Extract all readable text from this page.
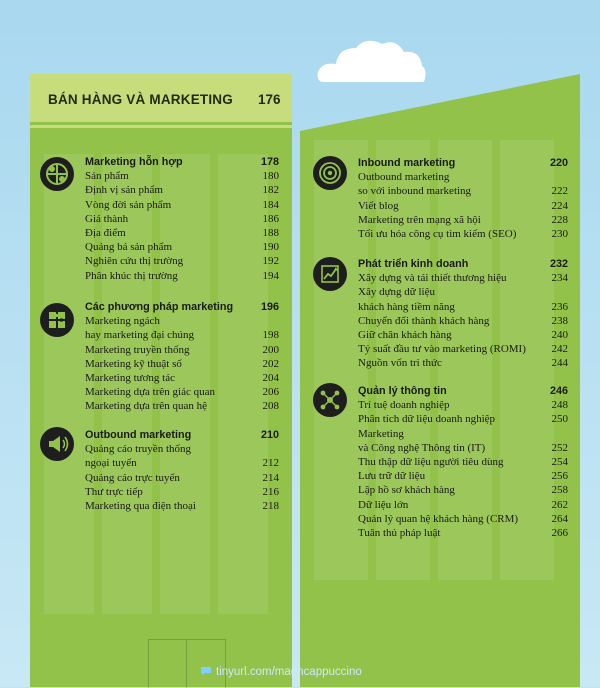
BÁN HÀNG VÀ MARKETING 176
Marketing hỗn hợp	178
Sản phẩm	180
Định vị sản phẩm	182
Vòng đời sản phẩm	184
Giá thành	186
Địa điểm	188
Quảng bá sản phẩm	190
Nghiên cứu thị trường	192
Phân khúc thị trường	194
Các phương pháp marketing	196
Marketing ngách
hay marketing đại chúng	198
Marketing truyền thống	200
Marketing kỹ thuật số	202
Marketing tương tác	204
Marketing dựa trên giác quan	206
Marketing dựa trên quan hệ	208
Outbound marketing	210
Quảng cáo truyền thống
ngoại tuyến	212
Quảng cáo trực tuyến	214
Thư trực tiếp	216
Marketing qua điện thoại	218
Inbound marketing	220
Outbound marketing
so với inbound marketing	222
Viết blog	224
Marketing trên mạng xã hội	228
Tối ưu hóa công cụ tìm kiếm (SEO)	230
Phát triển kinh doanh	232
Xây dựng và tái thiết thương hiệu	234
Xây dựng dữ liệu
khách hàng tiềm năng	236
Chuyển đổi thành khách hàng	238
Giữ chân khách hàng	240
Tỷ suất đầu tư vào marketing (ROMI) 242
Nguồn vốn tri thức	244
Quản lý thông tin	246
Trí tuệ doanh nghiệp	248
Phân tích dữ liệu doanh nghiệp	250
Marketing
và Công nghệ Thông tin (IT)	252
Thu thập dữ liệu người tiêu dùng	254
Lưu trữ dữ liệu	256
Lập hồ sơ khách hàng	258
Dữ liệu lớn	262
Quản lý quan hệ khách hàng (CRM)	264
Tuân thủ pháp luật	266
tinyurl.com/magncappuccino
